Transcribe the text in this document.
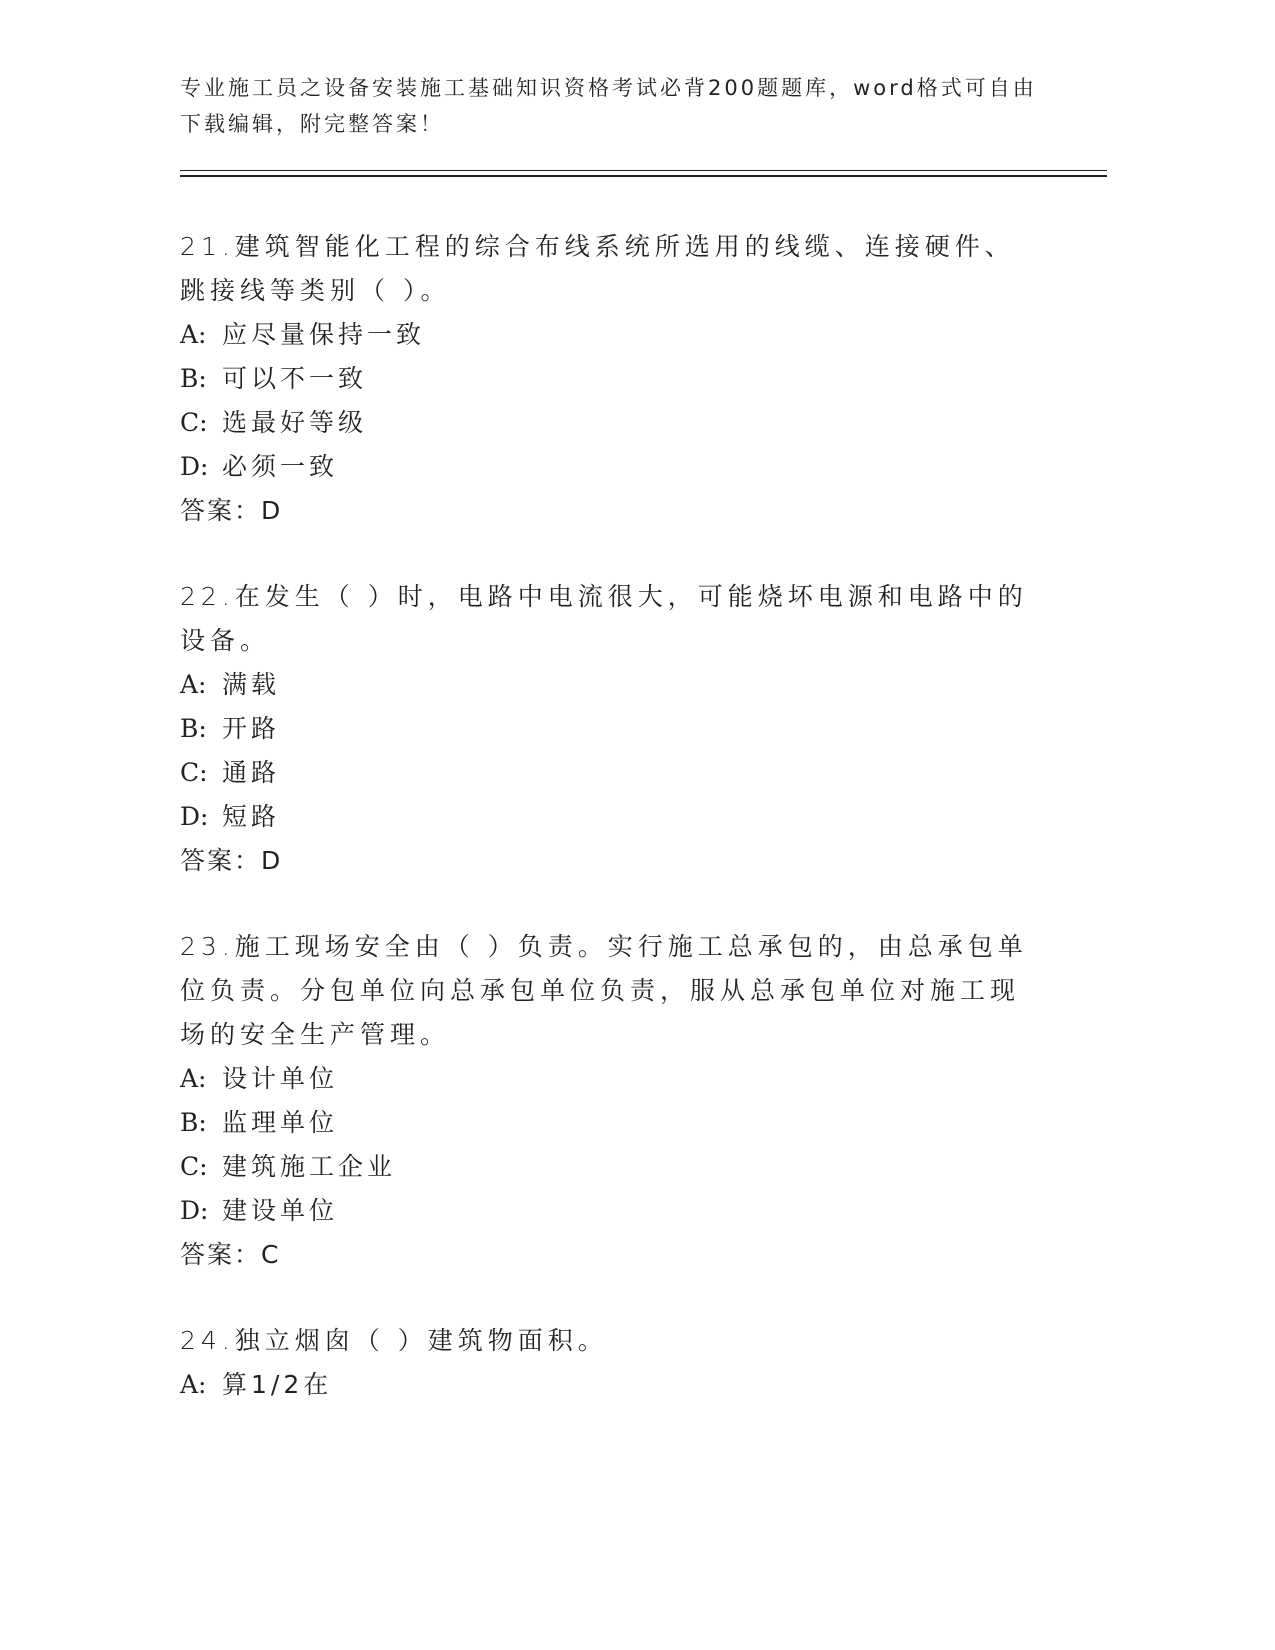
专业施工员之设备安装施工基础知识资格考试必背200题题库，word格式可自由
下载编辑，附完整答案！
21.建筑智能化工程的综合布线系统所选用的线缆、连接硬件、跳接线等类别（ ）。
A: 应尽量保持一致
B: 可以不一致
C: 选最好等级
D: 必须一致
答案：D
22.在发生（ ）时，电路中电流很大，可能烧坏电源和电路中的设备。
A: 满载
B: 开路
C: 通路
D: 短路
答案：D
23.施工现场安全由（ ）负责。实行施工总承包的，由总承包单位负责。分包单位向总承包单位负责，服从总承包单位对施工现场的安全生产管理。
A: 设计单位
B: 监理单位
C: 建筑施工企业
D: 建设单位
答案：C
24.独立烟囱（ ）建筑物面积。
A: 算1/2在
